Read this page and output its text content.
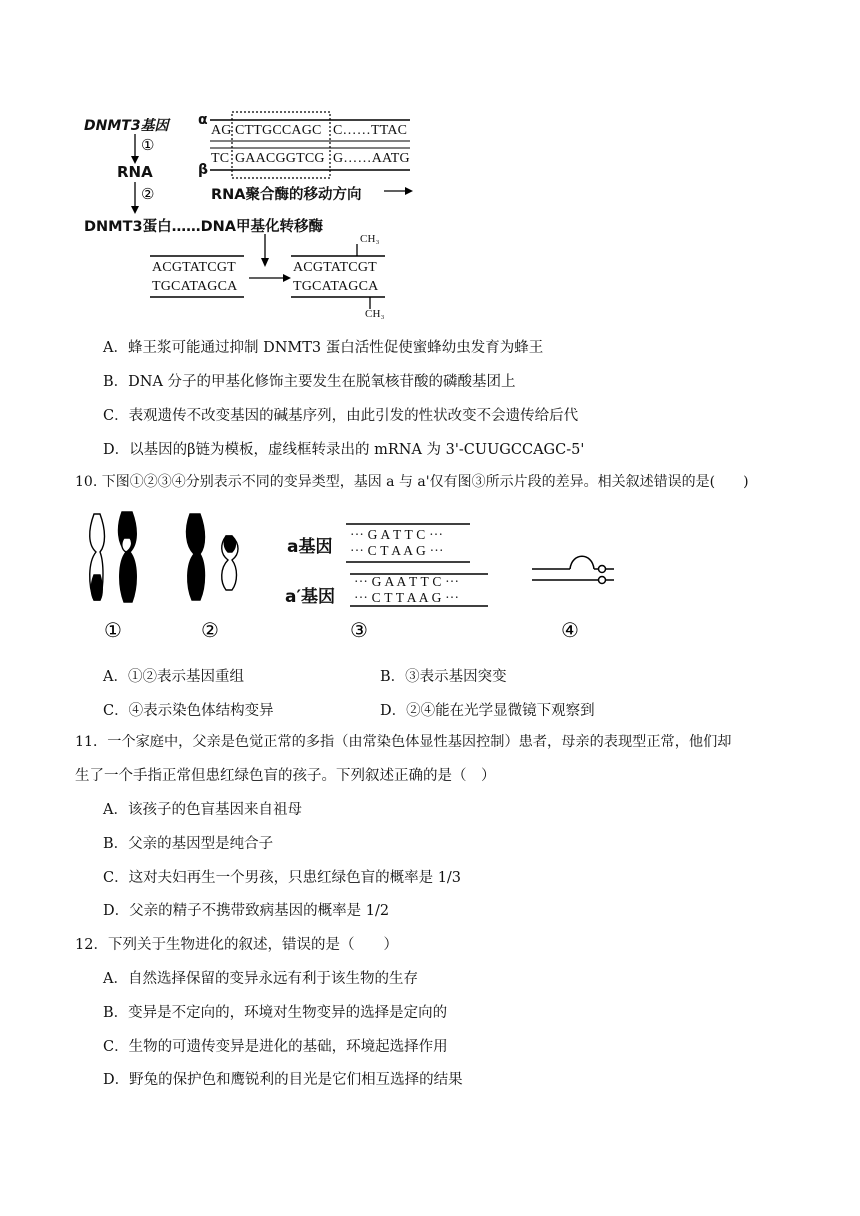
DNMT3基因
①
RNA
②
DNMT3蛋白……DNA甲基化转移酶
α
β
AG CTTGCCAGC C……TTAC
TC GAACGGTCG G……AATG
RNA聚合酶的移动方向
ACGTATCGT
TGCATAGCA
ACGTATCGT
TGCATAGCA
CH₃
CH₃
A．蜂王浆可能通过抑制 DNMT3 蛋白活性促使蜜蜂幼虫发育为蜂王
B．DNA 分子的甲基化修饰主要发生在脱氧核苷酸的磷酸基团上
C．表观遗传不改变基因的碱基序列，由此引发的性状改变不会遗传给后代
D．以基因的β链为模板，虚线框转录出的 mRNA 为 3'-CUUGCCAGC-5'
10. 下图①②③④分别表示不同的变异类型，基因 a 与 a'仅有图③所示片段的差异。相关叙述错误的是(　　)
a基因
a′基因
··· G A T T C ···
··· C T A A G ···
··· G A A T T C ···
··· C T T A A G ···
①	②	③	④
A．①②表示基因重组	B．③表示基因突变
C．④表示染色体结构变异	D．②④能在光学显微镜下观察到
11．一个家庭中，父亲是色觉正常的多指（由常染色体显性基因控制）患者，母亲的表现型正常，他们却
生了一个手指正常但患红绿色盲的孩子。下列叙述正确的是（　）
A．该孩子的色盲基因来自祖母
B．父亲的基因型是纯合子
C．这对夫妇再生一个男孩，只患红绿色盲的概率是 1/3
D．父亲的精子不携带致病基因的概率是 1/2
12．下列关于生物进化的叙述，错误的是（　　）
A．自然选择保留的变异永远有利于该生物的生存
B．变异是不定向的，环境对生物变异的选择是定向的
C．生物的可遗传变异是进化的基础，环境起选择作用
D．野兔的保护色和鹰锐利的目光是它们相互选择的结果
